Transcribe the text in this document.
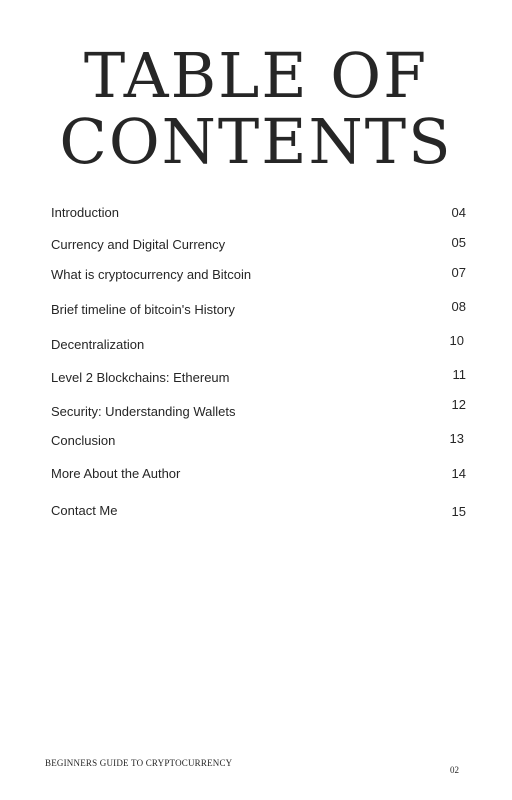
TABLE OF
CONTENTS
Introduction	04
Currency and Digital Currency	05
What is cryptocurrency and Bitcoin	07
Brief timeline of bitcoin's History	08
Decentralization	10
Level 2 Blockchains: Ethereum	11
Security: Understanding Wallets	12
Conclusion	13
More About the Author	14
Contact Me	15
BEGINNERS GUIDE TO CRYPTOCURRENCY
02
